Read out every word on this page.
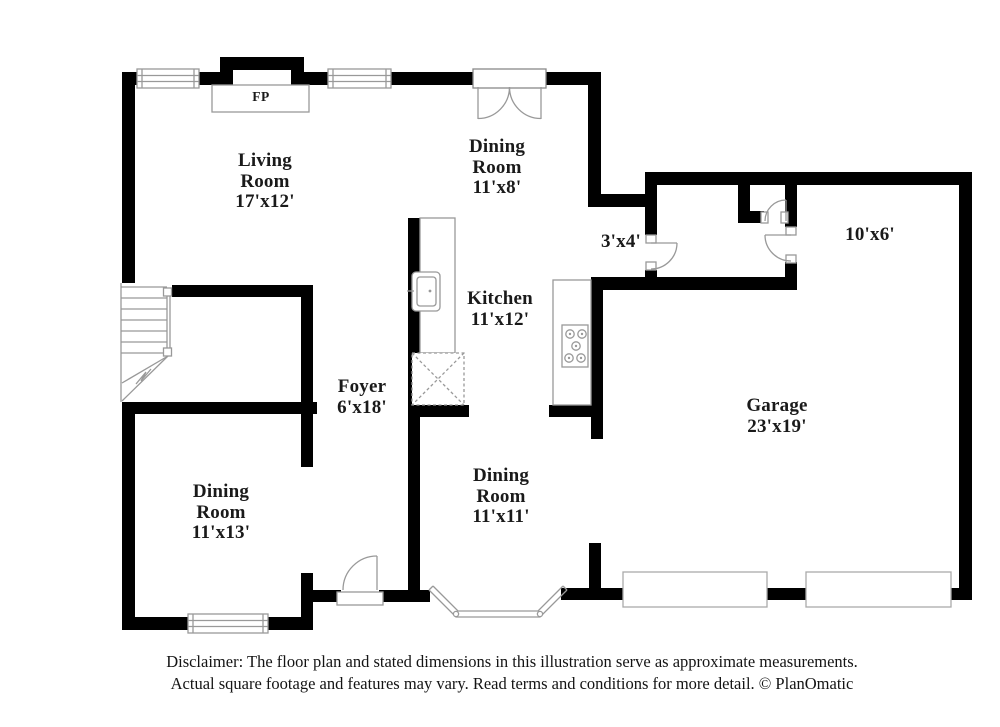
FP
Living
Room
17'x12'
Dining
Room
11'x8'
3'x4'	10'x6'
Kitchen
11'x12'
Foyer
6'x18'	Garage
23'x19'
Dining
Room
11'x13'
Dining
Room
11'x11'
Disclaimer: The floor plan and stated dimensions in this illustration serve as approximate measurements.
Actual square footage and features may vary. Read terms and conditions for more detail. © PlanOmatic
